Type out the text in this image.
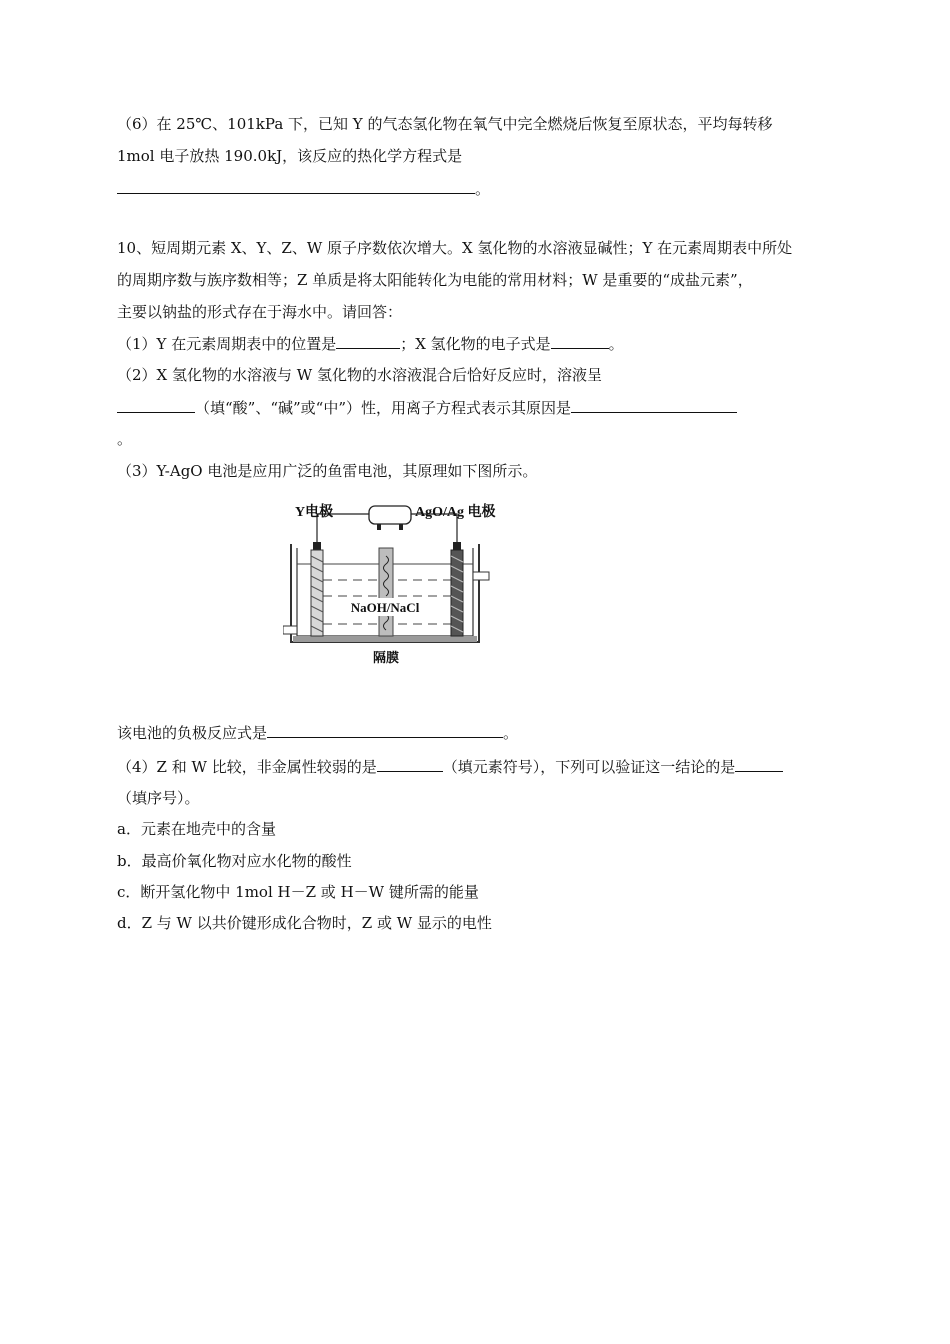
（6）在 25℃、101kPa 下，已知 Y 的气态氢化物在氧气中完全燃烧后恢复至原状态，平均每转移
1mol 电子放热 190.0kJ，该反应的热化学方程式是
。
10、短周期元素 X、Y、Z、W 原子序数依次增大。X 氢化物的水溶液显碱性；Y 在元素周期表中所处
的周期序数与族序数相等；Z 单质是将太阳能转化为电能的常用材料；W 是重要的“成盐元素”，
主要以钠盐的形式存在于海水中。请回答：
（1）Y 在元素周期表中的位置是	；X 氢化物的电子式是	。
（2）X 氢化物的水溶液与 W 氢化物的水溶液混合后恰好反应时，溶液呈
（填“酸”、“碱”或“中”）性，用离子方程式表示其原因是
。
（3）Y-AgO 电池是应用广泛的鱼雷电池，其原理如下图所示。
Y电极	AgO/Ag 电极
NaOH/NaCl
隔膜
该电池的负极反应式是	。
（4）Z 和 W 比较，非金属性较弱的是	（填元素符号），下列可以验证这一结论的是
（填序号）。
a．元素在地壳中的含量
b．最高价氧化物对应水化物的酸性
c．断开氢化物中 1mol H－Z 或 H－W 键所需的能量
d．Z 与 W 以共价键形成化合物时，Z 或 W 显示的电性
